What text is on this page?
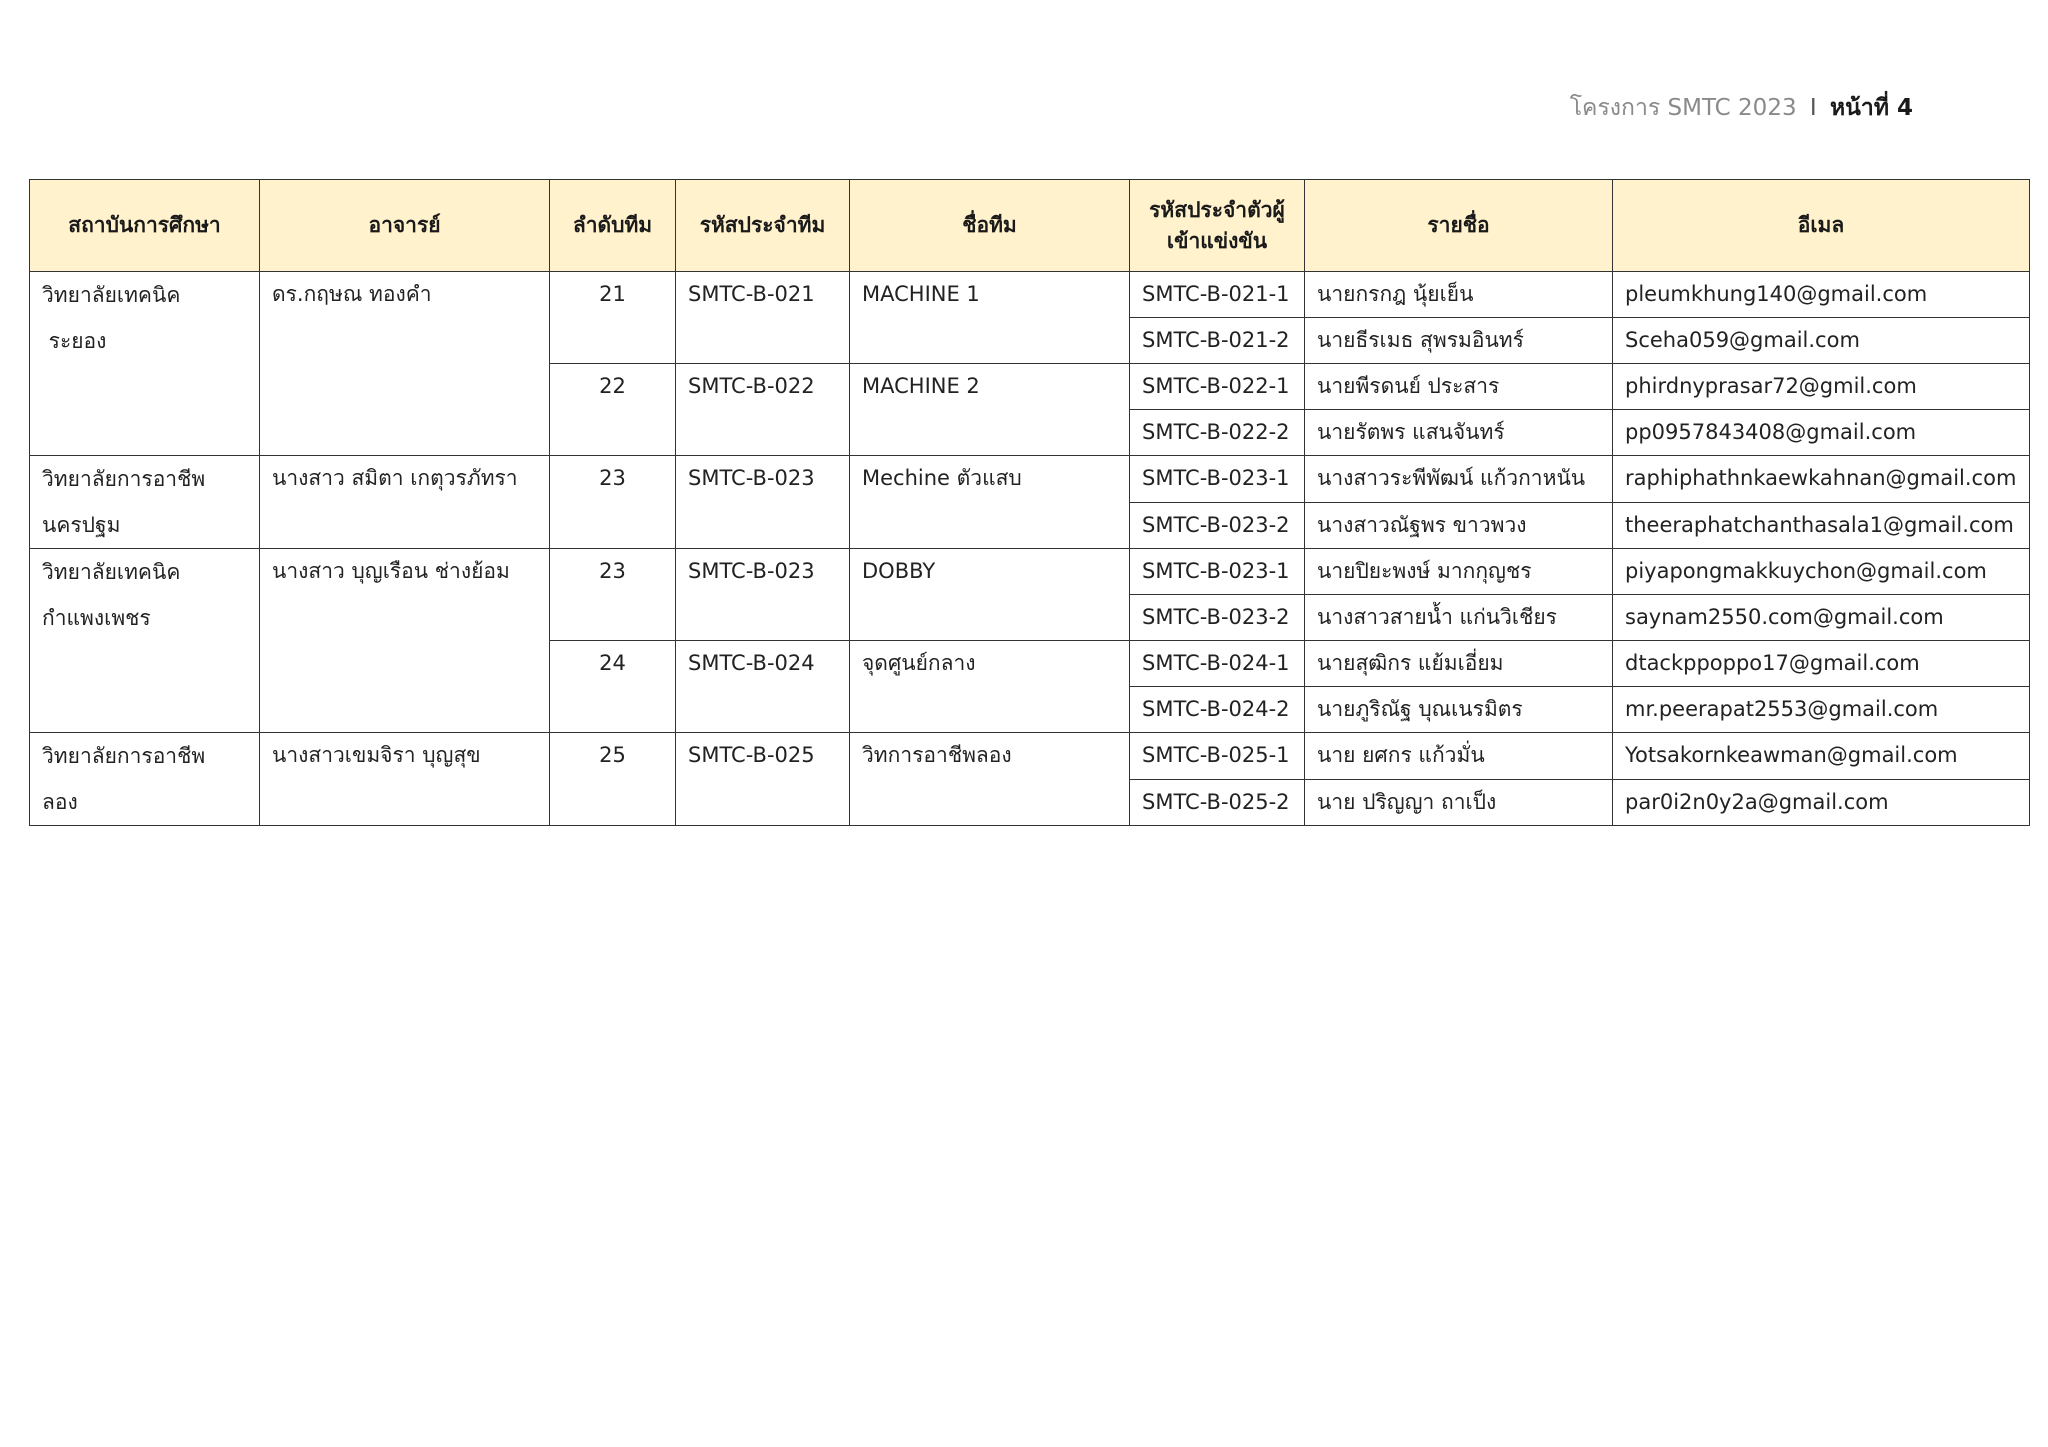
โครงการ SMTC 2023 I หน้าที่ 4
สถาบันการศึกษา	อาจารย์	ลำดับทีม	รหัสประจำทีม	ชื่อทีม	รหัสประจำตัวผู้
เข้าแข่งขัน	รายชื่อ	อีเมล

วิทยาลัยเทคนิค
ระยอง	ดร.กฤษณ ทองคำ	21	SMTC-B-021	MACHINE 1	SMTC-B-021-1	นายกรกฎ นุ้ยเย็น	pleumkhung140@gmail.com

					SMTC-B-021-2	นายธีรเมธ สุพรมอินทร์	Sceha059@gmail.com

		22	SMTC-B-022	MACHINE 2	SMTC-B-022-1	นายพีรดนย์ ประสาร	phirdnyprasar72@gmil.com

					SMTC-B-022-2	นายรัตพร แสนจันทร์	pp0957843408@gmail.com

วิทยาลัยการอาชีพ
นครปฐม	นางสาว สมิตา เกตุวรภัทรา	23	SMTC-B-023	Mechine ตัวแสบ	SMTC-B-023-1	นางสาวระพีพัฒน์ แก้วกาหนัน	raphiphathnkaewkahnan@gmail.com

					SMTC-B-023-2	นางสาวณัฐพร ขาวพวง	theeraphatchanthasala1@gmail.com

วิทยาลัยเทคนิค
กำแพงเพชร	นางสาว บุญเรือน ช่างย้อม	23	SMTC-B-023	DOBBY	SMTC-B-023-1	นายปิยะพงษ์ มากกุญชร	piyapongmakkuychon@gmail.com

					SMTC-B-023-2	นางสาวสายน้ำ แก่นวิเชียร	saynam2550.com@gmail.com

		24	SMTC-B-024	จุดศูนย์กลาง	SMTC-B-024-1	นายสุฒิกร แย้มเอี่ยม	dtackppoppo17@gmail.com

					SMTC-B-024-2	นายภูริณัฐ บุณเนรมิตร	mr.peerapat2553@gmail.com

วิทยาลัยการอาชีพ
ลอง	นางสาวเขมจิรา บุญสุข	25	SMTC-B-025	วิทการอาชีพลอง	SMTC-B-025-1	นาย ยศกร แก้วมั่น	Yotsakornkeawman@gmail.com

					SMTC-B-025-2	นาย ปริญญา ถาเป็ง	par0i2n0y2a@gmail.com
